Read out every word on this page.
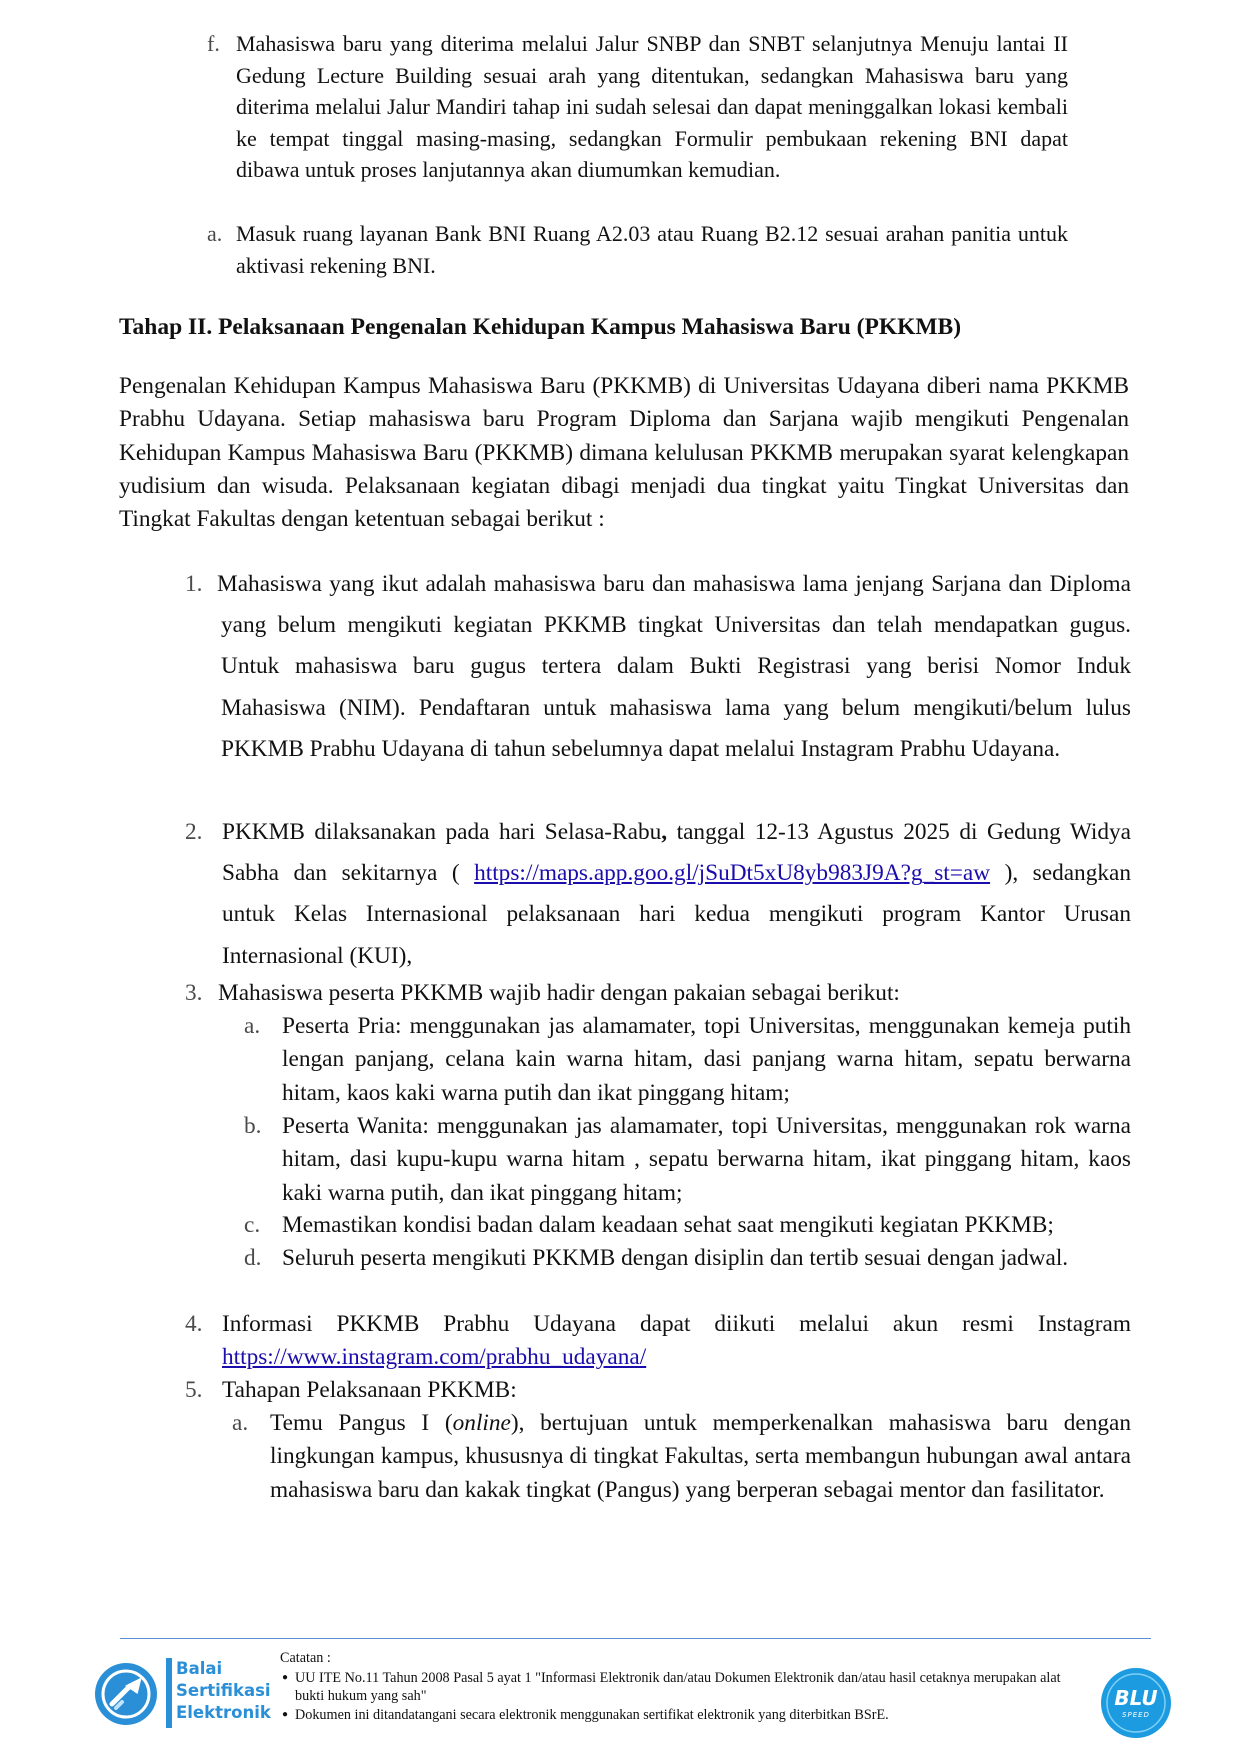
f. Mahasiswa baru yang diterima melalui Jalur SNBP dan SNBT selanjutnya Menuju lantai II Gedung Lecture Building sesuai arah yang ditentukan, sedangkan Mahasiswa baru yang diterima melalui Jalur Mandiri tahap ini sudah selesai dan dapat meninggalkan lokasi kembali ke tempat tinggal masing-masing, sedangkan Formulir pembukaan rekening BNI dapat dibawa untuk proses lanjutannya akan diumumkan kemudian.
a. Masuk ruang layanan Bank BNI Ruang A2.03 atau Ruang B2.12 sesuai arahan panitia untuk aktivasi rekening BNI.
Tahap II. Pelaksanaan Pengenalan Kehidupan Kampus Mahasiswa Baru (PKKMB)
Pengenalan Kehidupan Kampus Mahasiswa Baru (PKKMB) di Universitas Udayana diberi nama PKKMB Prabhu Udayana. Setiap mahasiswa baru Program Diploma dan Sarjana wajib mengikuti Pengenalan Kehidupan Kampus Mahasiswa Baru (PKKMB) dimana kelulusan PKKMB merupakan syarat kelengkapan yudisium dan wisuda. Pelaksanaan kegiatan dibagi menjadi dua tingkat yaitu Tingkat Universitas dan Tingkat Fakultas dengan ketentuan sebagai berikut :
1. Mahasiswa yang ikut adalah mahasiswa baru dan mahasiswa lama jenjang Sarjana dan Diploma yang belum mengikuti kegiatan PKKMB tingkat Universitas dan telah mendapatkan gugus. Untuk mahasiswa baru gugus tertera dalam Bukti Registrasi yang berisi Nomor Induk Mahasiswa (NIM). Pendaftaran untuk mahasiswa lama yang belum mengikuti/belum lulus PKKMB Prabhu Udayana di tahun sebelumnya dapat melalui Instagram Prabhu Udayana.
2. PKKMB dilaksanakan pada hari Selasa-Rabu, tanggal 12-13 Agustus 2025 di Gedung Widya Sabha dan sekitarnya ( https://maps.app.goo.gl/jSuDt5xU8yb983J9A?g_st=aw ), sedangkan untuk Kelas Internasional pelaksanaan hari kedua mengikuti program Kantor Urusan Internasional (KUI),
3. Mahasiswa peserta PKKMB wajib hadir dengan pakaian sebagai berikut:
a. Peserta Pria: menggunakan jas alamamater, topi Universitas, menggunakan kemeja putih lengan panjang, celana kain warna hitam, dasi panjang warna hitam, sepatu berwarna hitam, kaos kaki warna putih dan ikat pinggang hitam;
b. Peserta Wanita: menggunakan jas alamamater, topi Universitas, menggunakan rok warna hitam, dasi kupu-kupu warna hitam , sepatu berwarna hitam, ikat pinggang hitam, kaos kaki warna putih, dan ikat pinggang hitam;
c. Memastikan kondisi badan dalam keadaan sehat saat mengikuti kegiatan PKKMB;
d. Seluruh peserta mengikuti PKKMB dengan disiplin dan tertib sesuai dengan jadwal.
4. Informasi PKKMB Prabhu Udayana dapat diikuti melalui akun resmi Instagram
https://www.instagram.com/prabhu_udayana/
5. Tahapan Pelaksanaan PKKMB:
a. Temu Pangus I (online), bertujuan untuk memperkenalkan mahasiswa baru dengan lingkungan kampus, khususnya di tingkat Fakultas, serta membangun hubungan awal antara mahasiswa baru dan kakak tingkat (Pangus) yang berperan sebagai mentor dan fasilitator.
Balai
Sertifikasi
Elektronik
Catatan :
● UU ITE No.11 Tahun 2008 Pasal 5 ayat 1 "Informasi Elektronik dan/atau Dokumen Elektronik dan/atau hasil cetaknya merupakan alat bukti hukum yang sah"
● Dokumen ini ditandatangani secara elektronik menggunakan sertifikat elektronik yang diterbitkan BSrE.
BLU
SPEED
